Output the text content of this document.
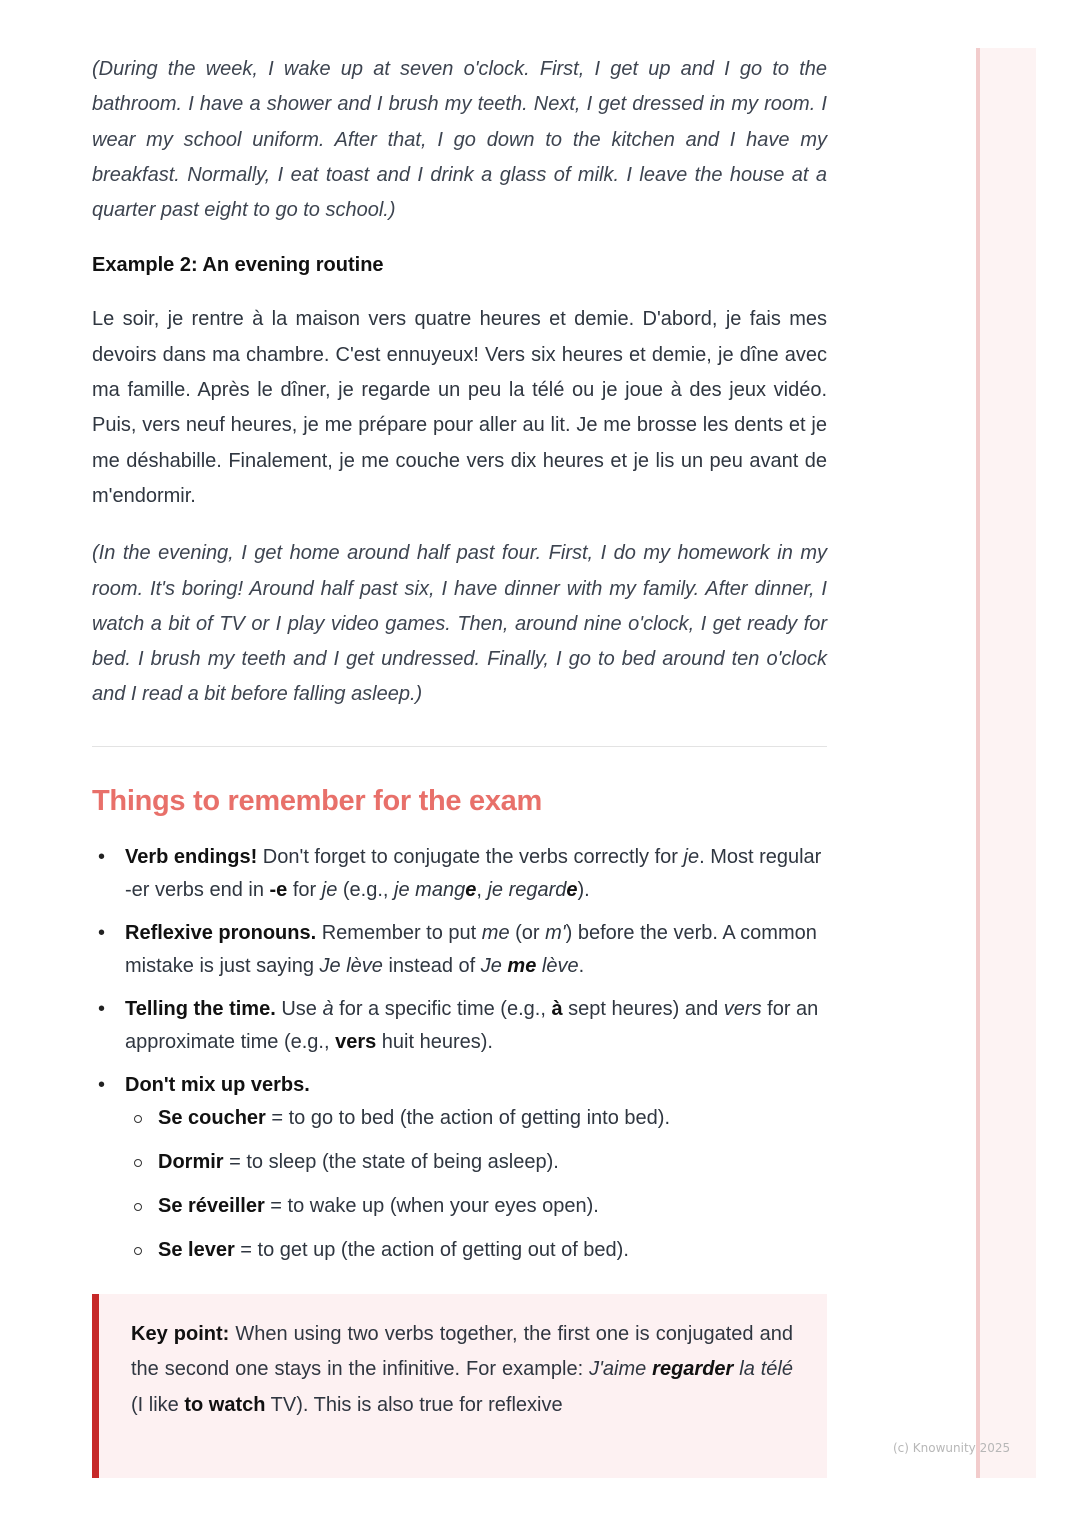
(c) Knowunity 2025

(During the week, I wake up at seven o'clock. First, I get up and I go to the bathroom. I have a shower and I brush my teeth. Next, I get dressed in my room. I wear my school uniform. After that, I go down to the kitchen and I have my breakfast. Normally, I eat toast and I drink a glass of milk. I leave the house at a quarter past eight to go to school.)

Example 2: An evening routine

Le soir, je rentre à la maison vers quatre heures et demie. D'abord, je fais mes devoirs dans ma chambre. C'est ennuyeux! Vers six heures et demie, je dîne avec ma famille. Après le dîner, je regarde un peu la télé ou je joue à des jeux vidéo. Puis, vers neuf heures, je me prépare pour aller au lit. Je me brosse les dents et je me déshabille. Finalement, je me couche vers dix heures et je lis un peu avant de m'endormir.

(In the evening, I get home around half past four. First, I do my homework in my room. It's boring! Around half past six, I have dinner with my family. After dinner, I watch a bit of TV or I play video games. Then, around nine o'clock, I get ready for bed. I brush my teeth and I get undressed. Finally, I go to bed around ten o'clock and I read a bit before falling asleep.)

Things to remember for the exam
• Verb endings! Don't forget to conjugate the verbs correctly for je. Most regular -er verbs end in -e for je (e.g., je mange, je regarde).
• Reflexive pronouns. Remember to put me (or m') before the verb. A common mistake is just saying Je lève instead of Je me lève.
• Telling the time. Use à for a specific time (e.g., à sept heures) and vers for an approximate time (e.g., vers huit heures).
• Don't mix up verbs.
Se coucher = to go to bed (the action of getting into bed).
Dormir = to sleep (the state of being asleep).
Se réveiller = to wake up (when your eyes open).
Se lever = to get up (the action of getting out of bed).

Key point: When using two verbs together, the first one is conjugated and the second one stays in the infinitive. For example: J'aime regarder la télé (I like to watch TV). This is also true for reflexive
